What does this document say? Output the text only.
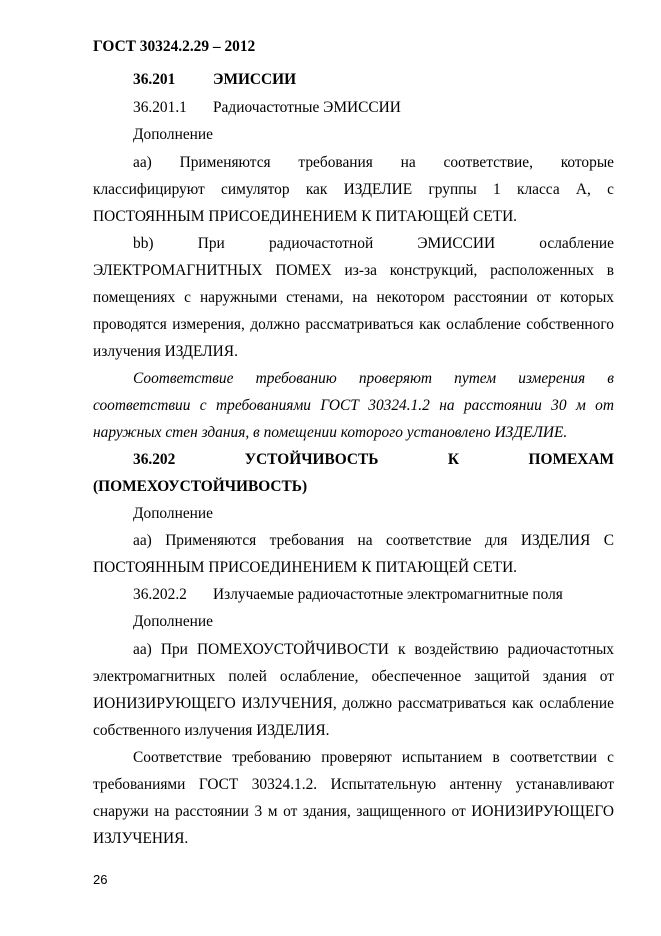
ГОСТ 30324.2.29 – 2012
36.201 ЭМИССИИ
36.201.1 Радиочастотные ЭМИССИИ
Дополнение
аа) Применяются требования на соответствие, которые
классифицируют симулятор как ИЗДЕЛИЕ группы 1 класса А, с
ПОСТОЯННЫМ ПРИСОЕДИНЕНИЕМ К ПИТАЮЩЕЙ СЕТИ.
bb) При радиочастотной ЭМИССИИ ослабление
ЭЛЕКТРОМАГНИТНЫХ ПОМЕХ из-за конструкций, расположенных в
помещениях с наружными стенами, на некотором расстоянии от которых
проводятся измерения, должно рассматриваться как ослабление собственного
излучения ИЗДЕЛИЯ.
Соответствие требованию проверяют путем измерения в
соответствии с требованиями ГОСТ 30324.1.2 на расстоянии 30 м от
наружных стен здания, в помещении которого установлено ИЗДЕЛИЕ.
36.202 УСТОЙЧИВОСТЬ К ПОМЕХАМ
(ПОМЕХОУСТОЙЧИВОСТЬ)
Дополнение
аа) Применяются требования на соответствие для ИЗДЕЛИЯ С
ПОСТОЯННЫМ ПРИСОЕДИНЕНИЕМ К ПИТАЮЩЕЙ СЕТИ.
36.202.2 Излучаемые радиочастотные электромагнитные поля
Дополнение
аа) При ПОМЕХОУСТОЙЧИВОСТИ к воздействию радиочастотных
электромагнитных полей ослабление, обеспеченное защитой здания от
ИОНИЗИРУЮЩЕГО ИЗЛУЧЕНИЯ, должно рассматриваться как ослабление
собственного излучения ИЗДЕЛИЯ.
Соответствие требованию проверяют испытанием в соответствии с
требованиями ГОСТ 30324.1.2. Испытательную антенну устанавливают
снаружи на расстоянии 3 м от здания, защищенного от ИОНИЗИРУЮЩЕГО
ИЗЛУЧЕНИЯ.
26
